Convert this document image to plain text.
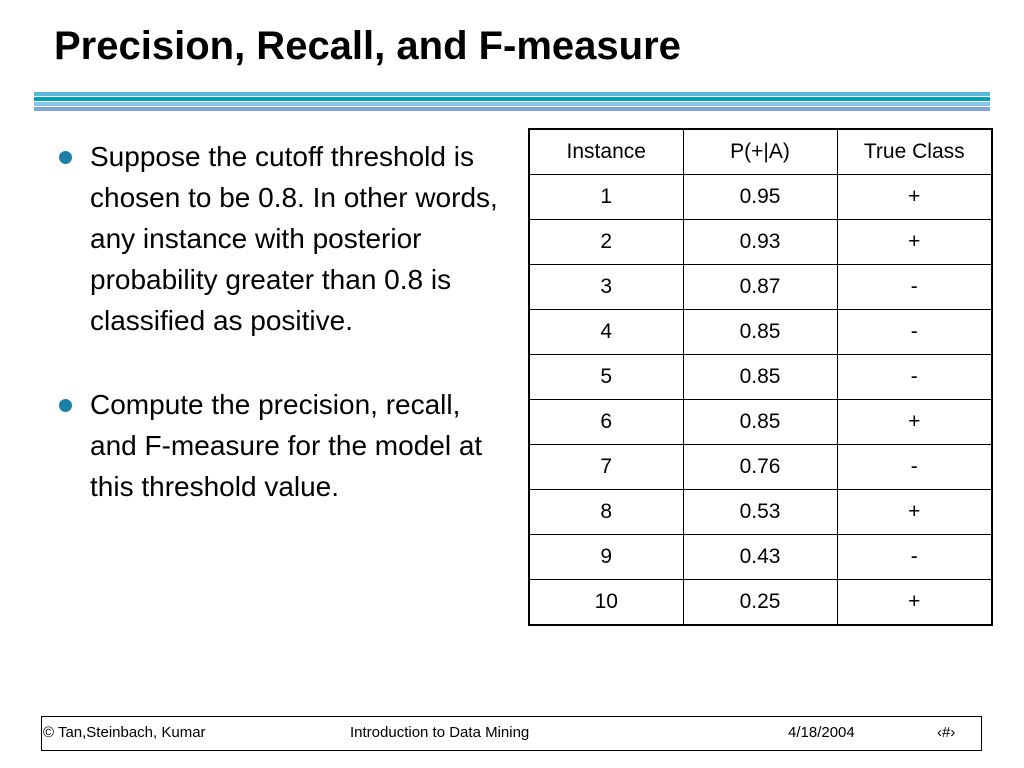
Precision, Recall, and F-measure
Suppose the cutoff threshold is chosen to be 0.8. In other words, any instance with posterior probability greater than 0.8 is classified as positive.
Compute the precision, recall, and F-measure for the model at this threshold value.
Instance	P(+|A)	True Class
1	0.95	+
2	0.93	+
3	0.87	-
4	0.85	-
5	0.85	-
6	0.85	+
7	0.76	-
8	0.53	+
9	0.43	-
10	0.25	+
© Tan,Steinbach, Kumar	Introduction to Data Mining	4/18/2004	‹#›
